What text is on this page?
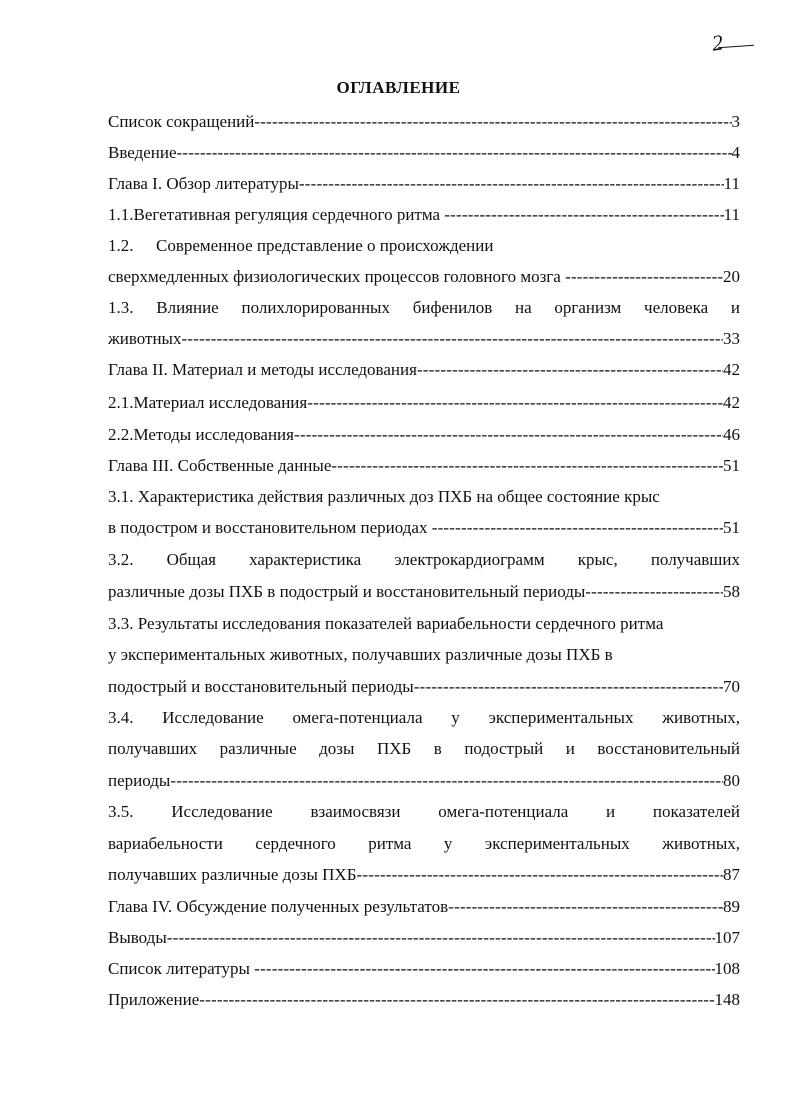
2
ОГЛАВЛЕНИЕ
Список сокращений -----	3
Введение -----	4
Глава I. Обзор литературы -----	11
1.1. Вегетативная регуляция сердечного ритма -----	11
1.2. Современное представление о происхождении
сверхмедленных физиологических процессов головного мозга -----	20
1.3. Влияние полихлорированных бифенилов на организм человека и
животных -----	33
Глава II. Материал и методы исследования -----	42
2.1. Материал исследования -----	42
2.2. Методы исследования -----	46
Глава III. Собственные данные -----	51
3.1. Характеристика действия различных доз ПХБ на общее состояние крыс
в подостром и восстановительном периодах -----	51
3.2. Общая характеристика электрокардиограмм крыс, получавших
различные дозы ПХБ в подострый и восстановительный периоды -----	58
3.3. Результаты исследования показателей вариабельности сердечного ритма
у экспериментальных животных, получавших различные дозы ПХБ в
подострый и восстановительный периоды -----	70
3.4. Исследование омега-потенциала у экспериментальных животных,
получавших различные дозы ПХБ в подострый и восстановительный
периоды -----	80
3.5. Исследование взаимосвязи омега-потенциала и показателей
вариабельности сердечного ритма у экспериментальных животных,
получавших различные дозы ПХБ -----	87
Глава IV. Обсуждение полученных результатов -----	89
Выводы -----	107
Список литературы -----	108
Приложение -----	148
